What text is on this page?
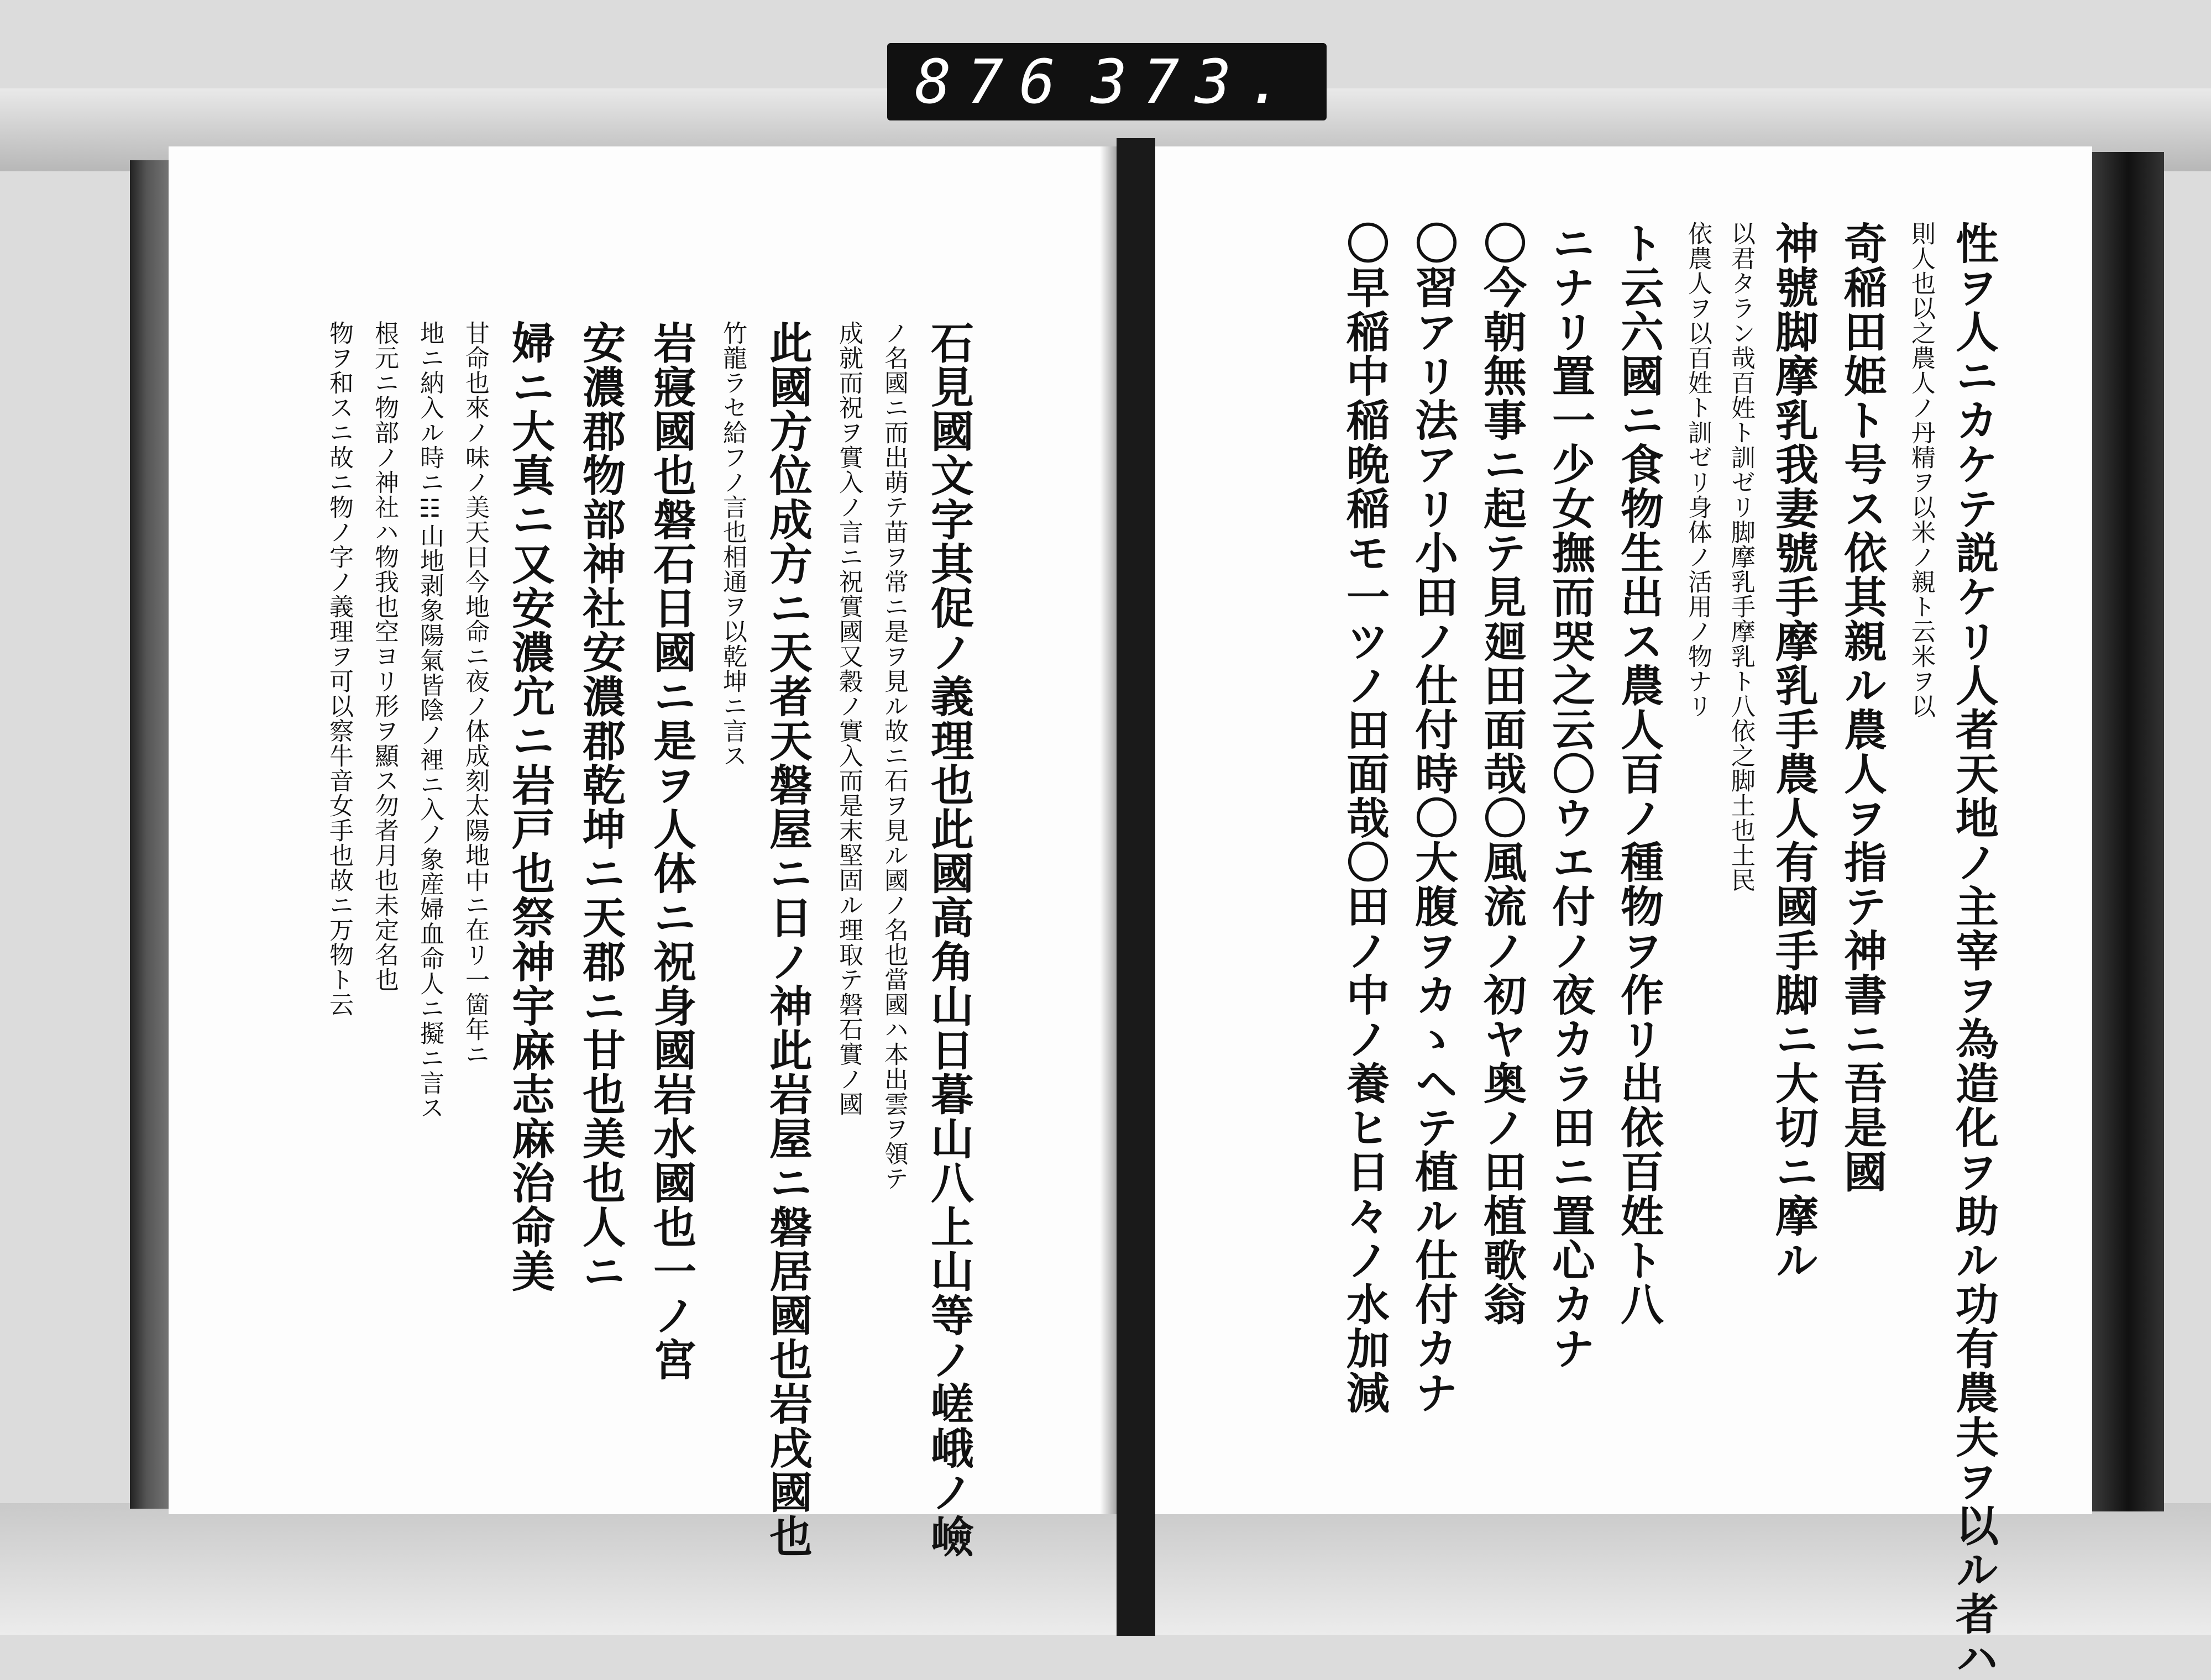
876 373.
石見國文字其促ノ義理也此國高角山日暮山八上山等ノ嵯峨ノ嶮
ノ名國ニ而出萌テ苗ヲ常ニ是ヲ見ル故ニ石ヲ見ル國ノ名也當國ハ本出雲ヲ領テ
成就而祝ヲ實入ノ言ニ祝實國又穀ノ實入而是末堅固ル理取テ磐石實ノ國
此國方位成方ニ天者天磐屋ニ日ノ神此岩屋ニ磐居國也岩戌國也
竹龍ラセ給フノ言也相通ヲ以乾坤ニ言ス
岩寢國也磐石日國ニ是ヲ人体ニ祝身國岩水國也一ノ宮
安濃郡物部神社安濃郡乾坤ニ天郡ニ甘也美也人ニ
婦ニ大真ニ又安濃宂ニ岩戸也祭神宇麻志麻治命美
甘命也來ノ味ノ美天日今地命ニ夜ノ体成刻太陽地中ニ在リ一箇年ニ
地ニ納入ル時ニ☷山地剥象陽氣皆陰ノ裡ニ入ノ象産婦血命人ニ擬ニ言ス
根元ニ物部ノ神社ハ物我也空ヨリ形ヲ顯ス勿者月也未定名也
物ヲ和スニ故ニ物ノ字ノ義理ヲ可以察牛音女手也故ニ万物ト云	性ヲ人ニカケテ説ケリ人者天地ノ主宰ヲ為造化ヲ助ル功有農夫ヲ以ル者ハ
則人也以之農人ノ丹精ヲ以米ノ親ト云米ヲ以
奇稲田姫ト号ス依其親ル農人ヲ指テ神書ニ吾是國
神號脚摩乳我妻號手摩乳手農人有國手脚ニ大切ニ摩ル
以君タラン哉百姓ト訓ゼリ脚摩乳手摩乳ト八依之脚土也土民
依農人ヲ以百姓ト訓ゼリ身体ノ活用ノ物ナリ
ト云六國ニ食物生出ス農人百ノ種物ヲ作リ出依百姓ト八
ニナリ置一少女撫而哭之云〇ウエ付ノ夜カラ田ニ置心カナ
〇今朝無事ニ起テ見廻田面哉〇風流ノ初ヤ奥ノ田植歌翁
〇習アリ法アリ小田ノ仕付時〇大腹ヲカゝヘテ植ル仕付カナ
〇早稲中稲晩稲モ一ツノ田面哉〇田ノ中ノ養ヒ日々ノ水加減
